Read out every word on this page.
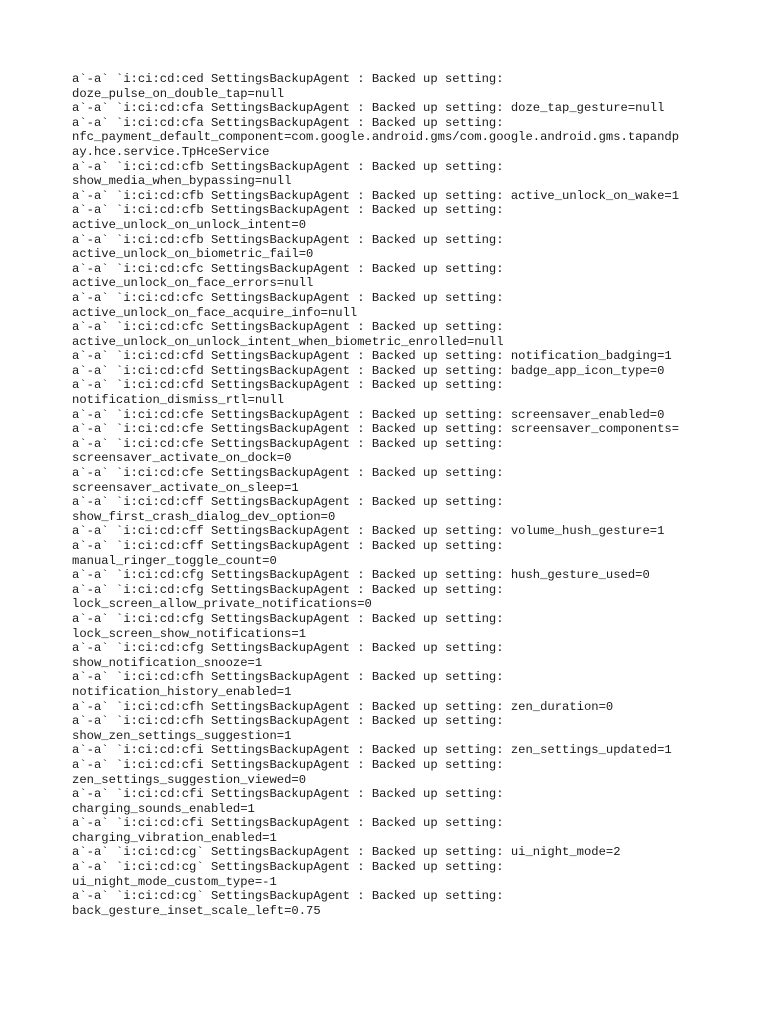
a`-a` `i:ci:cd:ced SettingsBackupAgent : Backed up setting:
doze_pulse_on_double_tap=null
a`-a` `i:ci:cd:cfa SettingsBackupAgent : Backed up setting: doze_tap_gesture=null
a`-a` `i:ci:cd:cfa SettingsBackupAgent : Backed up setting:
nfc_payment_default_component=com.google.android.gms/com.google.android.gms.tapandp
ay.hce.service.TpHceService
a`-a` `i:ci:cd:cfb SettingsBackupAgent : Backed up setting:
show_media_when_bypassing=null
a`-a` `i:ci:cd:cfb SettingsBackupAgent : Backed up setting: active_unlock_on_wake=1
a`-a` `i:ci:cd:cfb SettingsBackupAgent : Backed up setting:
active_unlock_on_unlock_intent=0
a`-a` `i:ci:cd:cfb SettingsBackupAgent : Backed up setting:
active_unlock_on_biometric_fail=0
a`-a` `i:ci:cd:cfc SettingsBackupAgent : Backed up setting:
active_unlock_on_face_errors=null
a`-a` `i:ci:cd:cfc SettingsBackupAgent : Backed up setting:
active_unlock_on_face_acquire_info=null
a`-a` `i:ci:cd:cfc SettingsBackupAgent : Backed up setting:
active_unlock_on_unlock_intent_when_biometric_enrolled=null
a`-a` `i:ci:cd:cfd SettingsBackupAgent : Backed up setting: notification_badging=1
a`-a` `i:ci:cd:cfd SettingsBackupAgent : Backed up setting: badge_app_icon_type=0
a`-a` `i:ci:cd:cfd SettingsBackupAgent : Backed up setting:
notification_dismiss_rtl=null
a`-a` `i:ci:cd:cfe SettingsBackupAgent : Backed up setting: screensaver_enabled=0
a`-a` `i:ci:cd:cfe SettingsBackupAgent : Backed up setting: screensaver_components=
a`-a` `i:ci:cd:cfe SettingsBackupAgent : Backed up setting:
screensaver_activate_on_dock=0
a`-a` `i:ci:cd:cfe SettingsBackupAgent : Backed up setting:
screensaver_activate_on_sleep=1
a`-a` `i:ci:cd:cff SettingsBackupAgent : Backed up setting:
show_first_crash_dialog_dev_option=0
a`-a` `i:ci:cd:cff SettingsBackupAgent : Backed up setting: volume_hush_gesture=1
a`-a` `i:ci:cd:cff SettingsBackupAgent : Backed up setting:
manual_ringer_toggle_count=0
a`-a` `i:ci:cd:cfg SettingsBackupAgent : Backed up setting: hush_gesture_used=0
a`-a` `i:ci:cd:cfg SettingsBackupAgent : Backed up setting:
lock_screen_allow_private_notifications=0
a`-a` `i:ci:cd:cfg SettingsBackupAgent : Backed up setting:
lock_screen_show_notifications=1
a`-a` `i:ci:cd:cfg SettingsBackupAgent : Backed up setting:
show_notification_snooze=1
a`-a` `i:ci:cd:cfh SettingsBackupAgent : Backed up setting:
notification_history_enabled=1
a`-a` `i:ci:cd:cfh SettingsBackupAgent : Backed up setting: zen_duration=0
a`-a` `i:ci:cd:cfh SettingsBackupAgent : Backed up setting:
show_zen_settings_suggestion=1
a`-a` `i:ci:cd:cfi SettingsBackupAgent : Backed up setting: zen_settings_updated=1
a`-a` `i:ci:cd:cfi SettingsBackupAgent : Backed up setting:
zen_settings_suggestion_viewed=0
a`-a` `i:ci:cd:cfi SettingsBackupAgent : Backed up setting:
charging_sounds_enabled=1
a`-a` `i:ci:cd:cfi SettingsBackupAgent : Backed up setting:
charging_vibration_enabled=1
a`-a` `i:ci:cd:cg` SettingsBackupAgent : Backed up setting: ui_night_mode=2
a`-a` `i:ci:cd:cg` SettingsBackupAgent : Backed up setting:
ui_night_mode_custom_type=-1
a`-a` `i:ci:cd:cg` SettingsBackupAgent : Backed up setting:
back_gesture_inset_scale_left=0.75
